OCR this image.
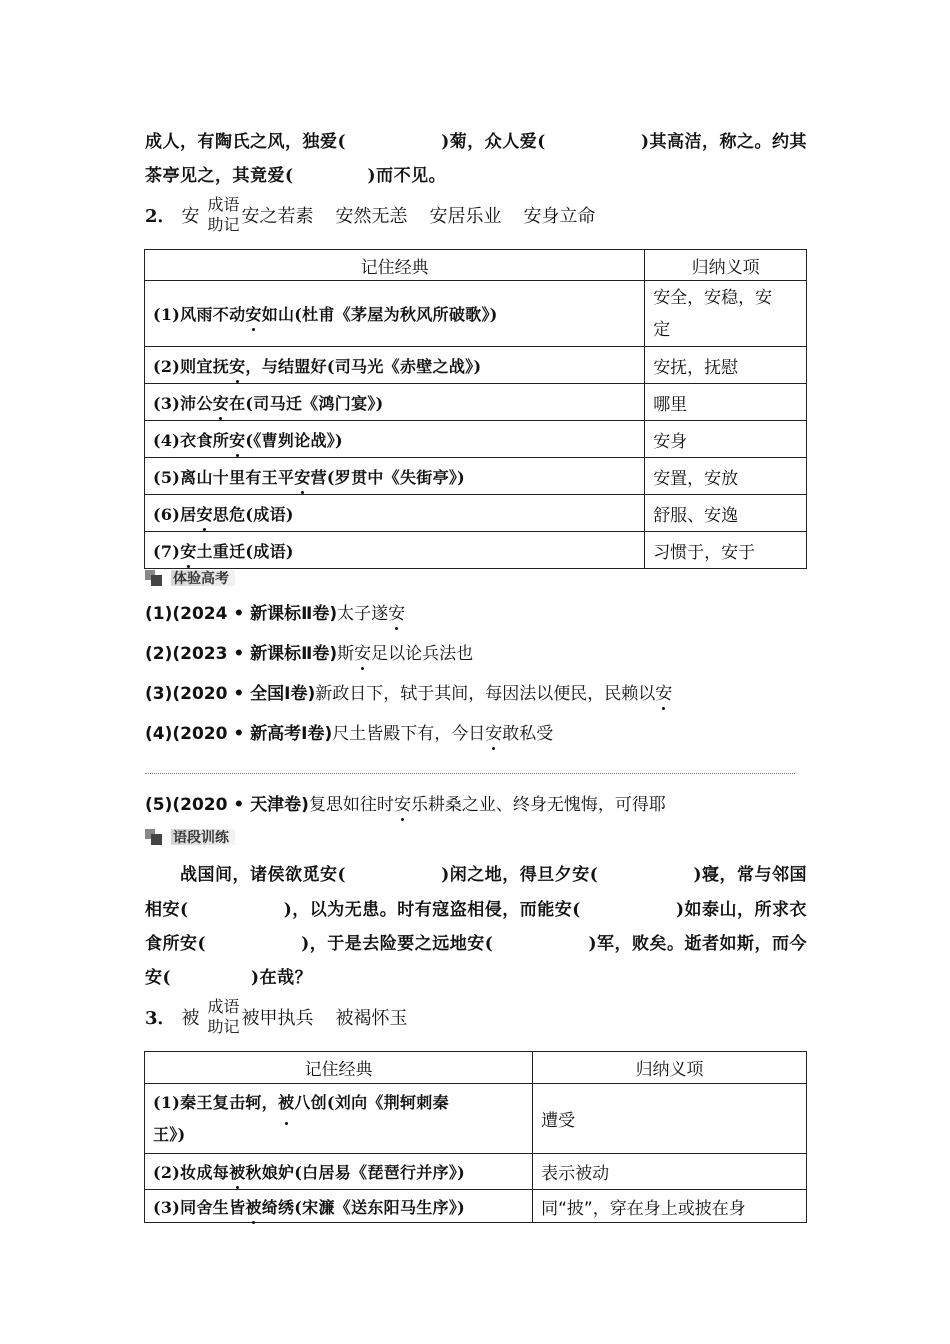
成人，有陶氏之风，独爱(	)菊，众人爱(	)其高洁，称之。约其
茶亭见之，其竟爱(	)而不见。
2． 安
成语
助记 安之若素 安然无恙 安居乐业 安身立命
记住经典	归纳义项
(1)风雨不动安如山(杜甫《茅屋为秋风所破歌》)	安全，安稳，安
定
(2)则宜抚安，与结盟好(司马光《赤壁之战》)	安抚，抚慰
(3)沛公安在(司马迁《鸿门宴》)	哪里
(4)衣食所安(《曹刿论战》)	安身
(5)离山十里有王平安营(罗贯中《失街亭》)	安置，安放
(6)居安思危(成语)	舒服、安逸
(7)安土重迁(成语)	习惯于，安于
体验高考
(1)(2024 • 新课标Ⅱ卷)太子遂安
(2)(2023 • 新课标Ⅱ卷)斯安足以论兵法也
(3)(2020 • 全国Ⅰ卷)新政日下，轼于其间，每因法以便民，民赖以安
(4)(2020 • 新高考Ⅰ卷)尺土皆殿下有，今日安敢私受
(5)(2020 • 天津卷)复思如往时安乐耕桑之业、终身无愧悔，可得耶
语段训练
战国间，诸侯欲觅安(	)闲之地，得旦夕安(	)寝，常与邻国
相安(	)，以为无患。时有寇盗相侵，而能安(	)如泰山，所求衣
食所安(	)，于是去险要之远地安(	)军，败矣。逝者如斯，而今
安(	)在哉？
3． 被
成语
助记 被甲执兵 被褐怀玉
记住经典	归纳义项
(1)秦王复击轲，被八创(刘向《荆轲刺秦
王》)	遭受
(2)妆成每被秋娘妒(白居易《琵琶行并序》)	表示被动
(3)同舍生皆被绮绣(宋濂《送东阳马生序》)	同“披”，穿在身上或披在身
